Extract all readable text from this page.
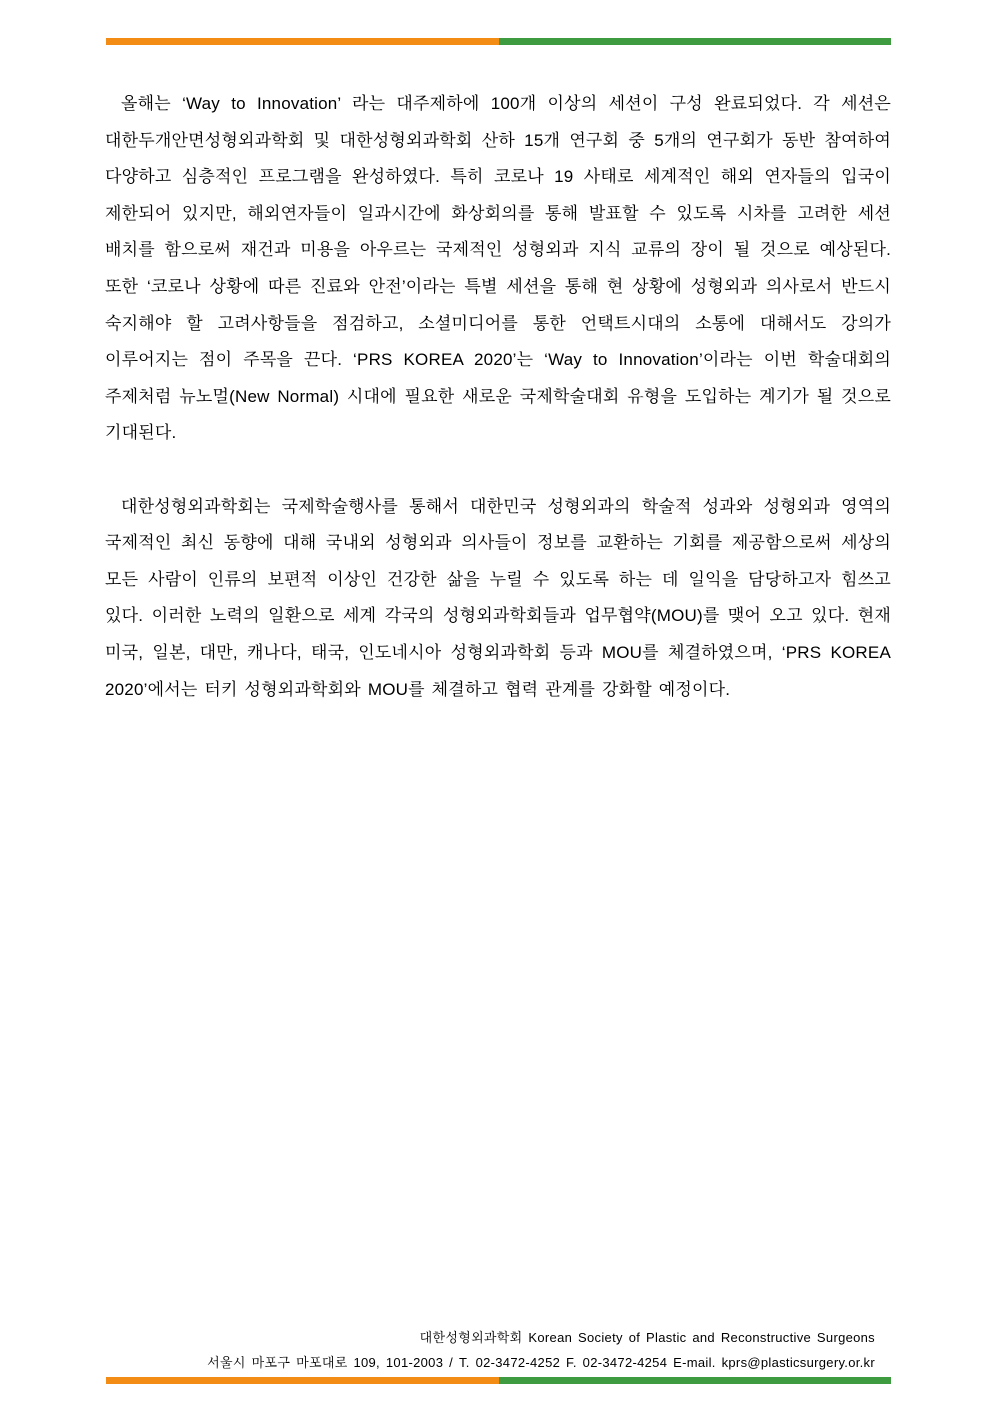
올해는 ‘Way to Innovation’ 라는 대주제하에 100개 이상의 세션이 구성 완료되었다. 각 세션은 대한두개안면성형외과학회 및 대한성형외과학회 산하 15개 연구회 중 5개의 연구회가 동반 참여하여 다양하고 심층적인 프로그램을 완성하였다. 특히 코로나 19 사태로 세계적인 해외 연자들의 입국이 제한되어 있지만, 해외연자들이 일과시간에 화상회의를 통해 발표할 수 있도록 시차를 고려한 세션 배치를 함으로써 재건과 미용을 아우르는 국제적인 성형외과 지식 교류의 장이 될 것으로 예상된다. 또한 ‘코로나 상황에 따른 진료와 안전’이라는 특별 세션을 통해 현 상황에 성형외과 의사로서 반드시 숙지해야 할 고려사항들을 점검하고, 소셜미디어를 통한 언택트시대의 소통에 대해서도 강의가 이루어지는 점이 주목을 끈다. ‘PRS KOREA 2020’는 ‘Way to Innovation’이라는 이번 학술대회의 주제처럼 뉴노멀(New Normal) 시대에 필요한 새로운 국제학술대회 유형을 도입하는 계기가 될 것으로 기대된다.

대한성형외과학회는 국제학술행사를 통해서 대한민국 성형외과의 학술적 성과와 성형외과 영역의 국제적인 최신 동향에 대해 국내외 성형외과 의사들이 정보를 교환하는 기회를 제공함으로써 세상의 모든 사람이 인류의 보편적 이상인 건강한 삶을 누릴 수 있도록 하는 데 일익을 담당하고자 힘쓰고 있다. 이러한 노력의 일환으로 세계 각국의 성형외과학회들과 업무협약(MOU)를 맺어 오고 있다. 현재 미국, 일본, 대만, 캐나다, 태국, 인도네시아 성형외과학회 등과 MOU를 체결하였으며, ‘PRS KOREA 2020’에서는 터키 성형외과학회와 MOU를 체결하고 협력 관계를 강화할 예정이다.

대한성형외과학회 Korean Society of Plastic and Reconstructive Surgeons
서울시 마포구 마포대로 109, 101-2003 / T. 02-3472-4252 F. 02-3472-4254 E-mail. kprs@plasticsurgery.or.kr
